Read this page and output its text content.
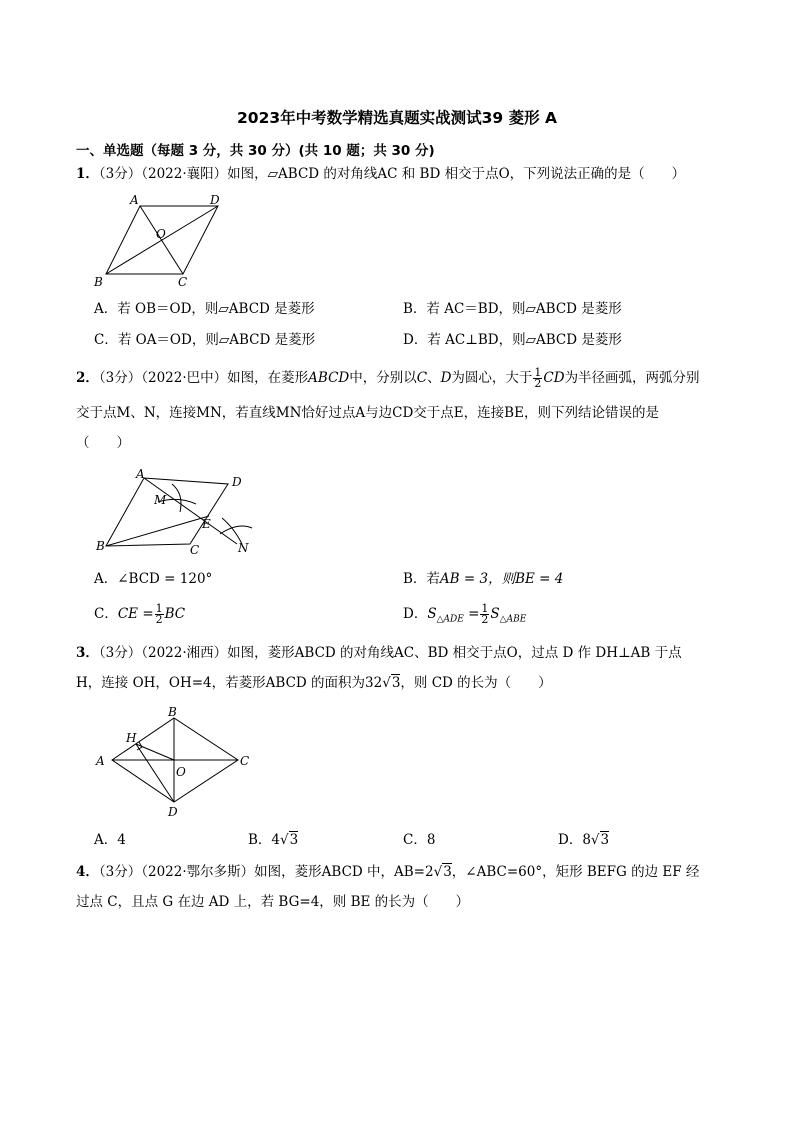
2023年中考数学精选真题实战测试39 菱形 A
一、单选题（每题 3 分，共 30 分）(共 10 题；共 30 分)
1．（3分）（2022·襄阳）如图，▱ABCD 的对角线AC 和 BD 相交于点O，下列说法正确的是（　　）
A	D
O
B	C
A．若 OB＝OD，则▱ABCD 是菱形	B．若 AC＝BD，则▱ABCD 是菱形
C．若 OA＝OD，则▱ABCD 是菱形	D．若 AC⊥BD，则▱ABCD 是菱形
2．（3分）（2022·巴中）如图，在菱形ABCD中，分别以C、D为圆心，大于 $\frac{1}{2}$ CD为半径画弧，两弧分别
交于点M、N，连接MN，若直线MN恰好过点A与边CD交于点E，连接BE，则下列结论错误的是
（　　）
A
D
M
E
B	C	N
A．∠BCD = 120°	B．若AB = 3，则BE = 4
C．CE = $\frac{1}{2}$ BC	D．$S_{\triangle ADE} = \frac{1}{2} S_{\triangle ABE}$
3．（3分）（2022·湘西）如图，菱形ABCD 的对角线AC、BD 相交于点O，过点 D 作 DH⊥AB 于点
H，连接 OH，OH=4，若菱形ABCD 的面积为32√3，则 CD 的长为（　　）
A
B
H
O
C
D
A．4	B．4√3	C．8	D．8√3
4．（3分）（2022·鄂尔多斯）如图，菱形ABCD 中，AB=2√3，∠ABC=60°，矩形 BEFG 的边 EF 经
过点 C，且点 G 在边 AD 上，若 BG=4，则 BE 的长为（　　）
